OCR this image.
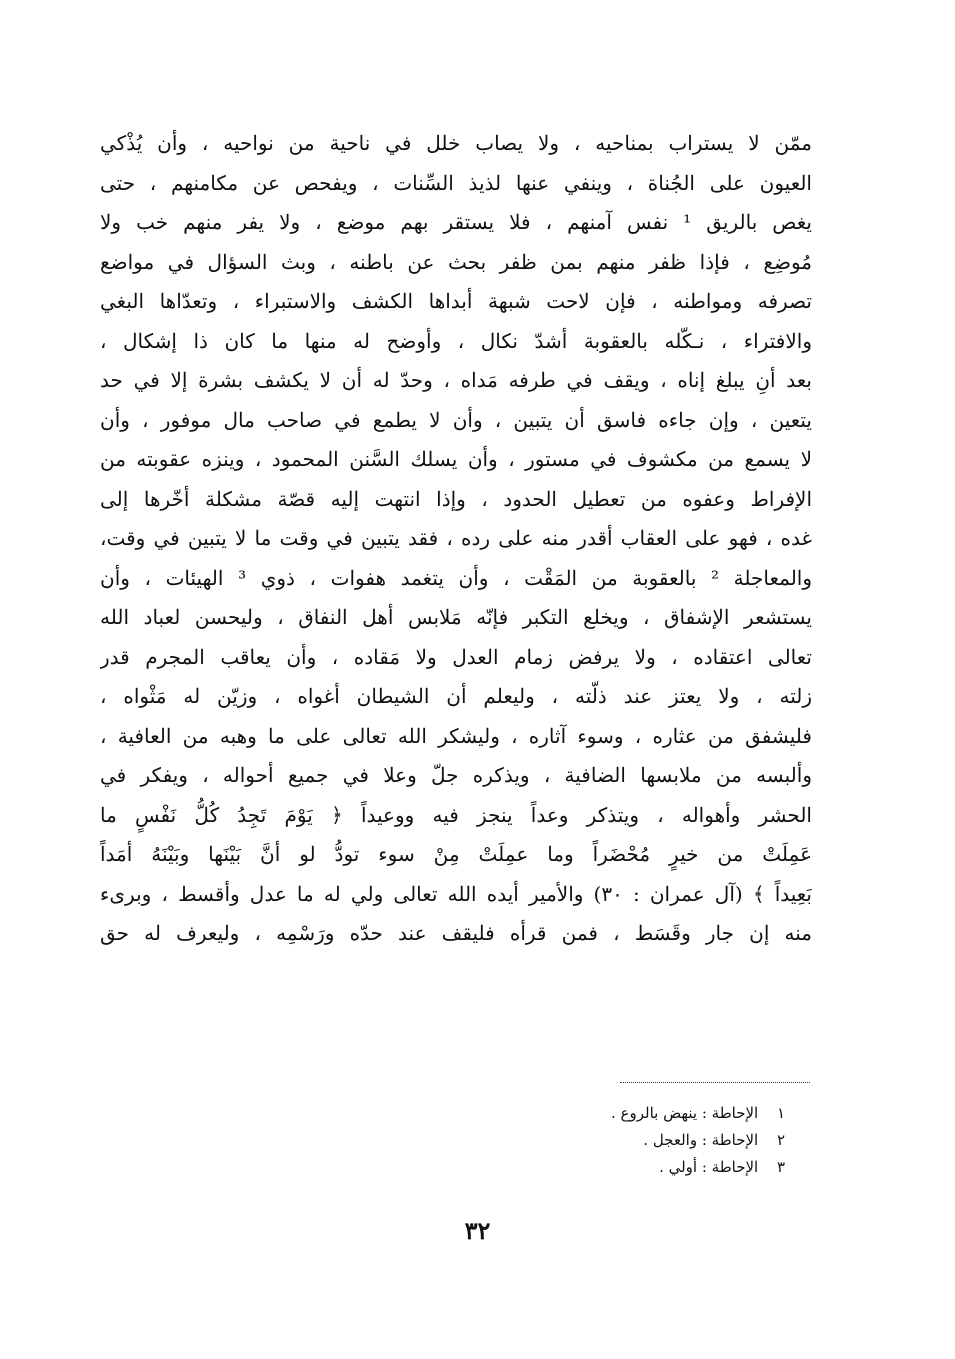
ممّن لا يستراب بمناحيه ، ولا يصاب خلل في ناحية من نواحيه ، وأن يُذْكي
العيون على الجُناة ، وينفي عنها لذيذ السِّنات ، ويفحص عن مكامنهم ، حتى
يغص بالريق ¹ نفس آمنهم ، فلا يستقر بهم موضع ، ولا يفر منهم خب ولا
مُوضِع ، فإذا ظفر منهم بمن ظفر بحث عن باطنه ، وبث السؤال في مواضع
تصرفه ومواطنه ، فإن لاحت شبهة أبداها الكشف والاستبراء ، وتعدّاها البغي
والافتراء ، نـكّله بالعقوبة أشدّ نكال ، وأوضح له منها ما كان ذا إشكال ،
بعد أنِ يبلغ إناه ، ويقف في طرفه مَداه ، وحدّ له أن لا يكشف بشرة إلا في حد
يتعين ، وإن جاءه فاسق أن يتبين ، وأن لا يطمع في صاحب مال موفور ، وأن
لا يسمع من مكشوف في مستور ، وأن يسلك السَّنن المحمود ، وينزه عقوبته من
الإفراط وعفوه من تعطيل الحدود ، وإذا انتهت إليه قصّة مشكلة أخّرها إلى
غده ، فهو على العقاب أقدر منه على رده ، فقد يتبين في وقت ما لا يتبين في وقت،
والمعاجلة ² بالعقوبة من المَقْت ، وأن يتغمد هفوات ، ذوي ³ الهيئات ، وأن
يستشعر الإشفاق ، ويخلع التكبر فإنّه مَلابس أهل النفاق ، وليحسن لعباد الله
تعالى اعتقاده ، ولا يرفض زمام العدل ولا مَقاده ، وأن يعاقب المجرم قدر
زلته ، ولا يعتز عند ذلّته ، وليعلم أن الشيطان أغواه ، وزيّن له مَثْواه ،
فليشفق من عثاره ، وسوء آثاره ، وليشكر الله تعالى على ما وهبه من العافية ،
وألبسه من ملابسها الضافية ، ويذكره جلّ وعلا في جميع أحواله ، ويفكر في
الحشر وأهواله ، ويتذكر وعداً ينجز فيه ووعيداً ﴿ يَوْمَ تَجِدُ كُلُّ نَفْسٍ ما
عَمِلَتْ من خيرٍ مُحْضَراً وما عمِلَتْ مِنْ سوء تودُّ لو أنَّ بَيْنَها وبَيْنَهُ أمَداً
بَعِيداً ﴾ (آل عمران : ٣٠) والأمير أيده الله تعالى ولي له ما عدل وأقسط ، وبرىء
منه إن جار وقَسَط ، فمن قرأه فليقف عند حدّه ورَسْمِه ، وليعرف له حق
١ الإحاطة : ينهض بالروع .
٢ الإحاطة : والعجل .
٣ الإحاطة : أولي .
٣٢
